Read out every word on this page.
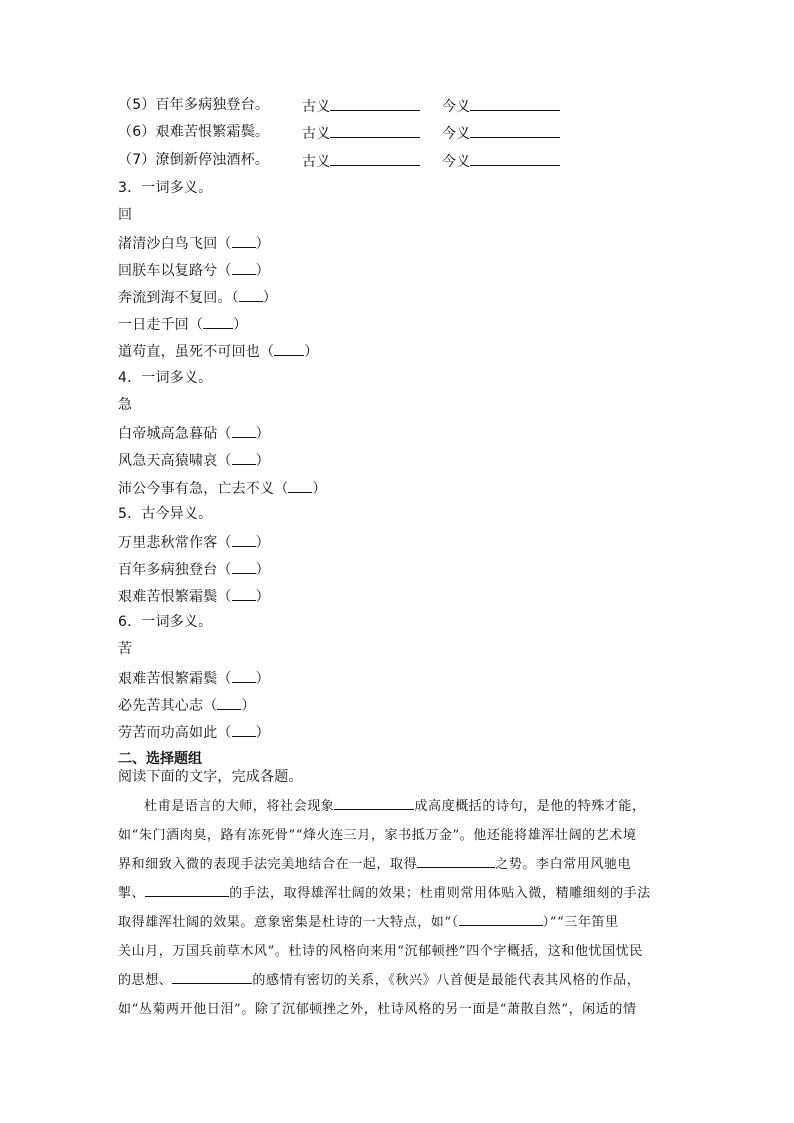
（5）百年多病独登台。 古义	今义
（6）艰难苦恨繁霜鬓。 古义	今义
（7）潦倒新停浊酒杯。 古义	今义
3．一词多义。
回
渚清沙白鸟飞回（ ）
回朕车以复路兮（ ）
奔流到海不复回。（ ）
一日走千回（ ）
道苟直，虽死不可回也（ ）
4．一词多义。
急
白帝城高急暮砧（ ）
风急天高猿啸哀（ ）
沛公今事有急，亡去不义（ ）
5．古今异义。
万里悲秋常作客（ ）
百年多病独登台（ ）
艰难苦恨繁霜鬓（ ）
6．一词多义。
苦
艰难苦恨繁霜鬓（ ）
必先苦其心志（ ）
劳苦而功高如此（ ）
二、选择题组
阅读下面的文字，完成各题。
杜甫是语言的大师，将社会现象	成高度概括的诗句，是他的特殊才能，
如“朱门酒肉臭，路有冻死骨”“烽火连三月，家书抵万金”。他还能将雄浑壮阔的艺术境
界和细致入微的表现手法完美地结合在一起，取得	之势。李白常用风驰电
掣、	的手法，取得雄浑壮阔的效果；杜甫则常用体贴入微，精雕细刻的手法
取得雄浑壮阔的效果。意象密集是杜诗的一大特点，如“（	）”“三年笛里
关山月，万国兵前草木风”。杜诗的风格向来用“沉郁顿挫”四个字概括，这和他忧国忧民
的思想、	的感情有密切的关系，《秋兴》八首便是最能代表其风格的作品，
如“丛菊两开他日泪”。除了沉郁顿挫之外，杜诗风格的另一面是“萧散自然”，闲适的情
